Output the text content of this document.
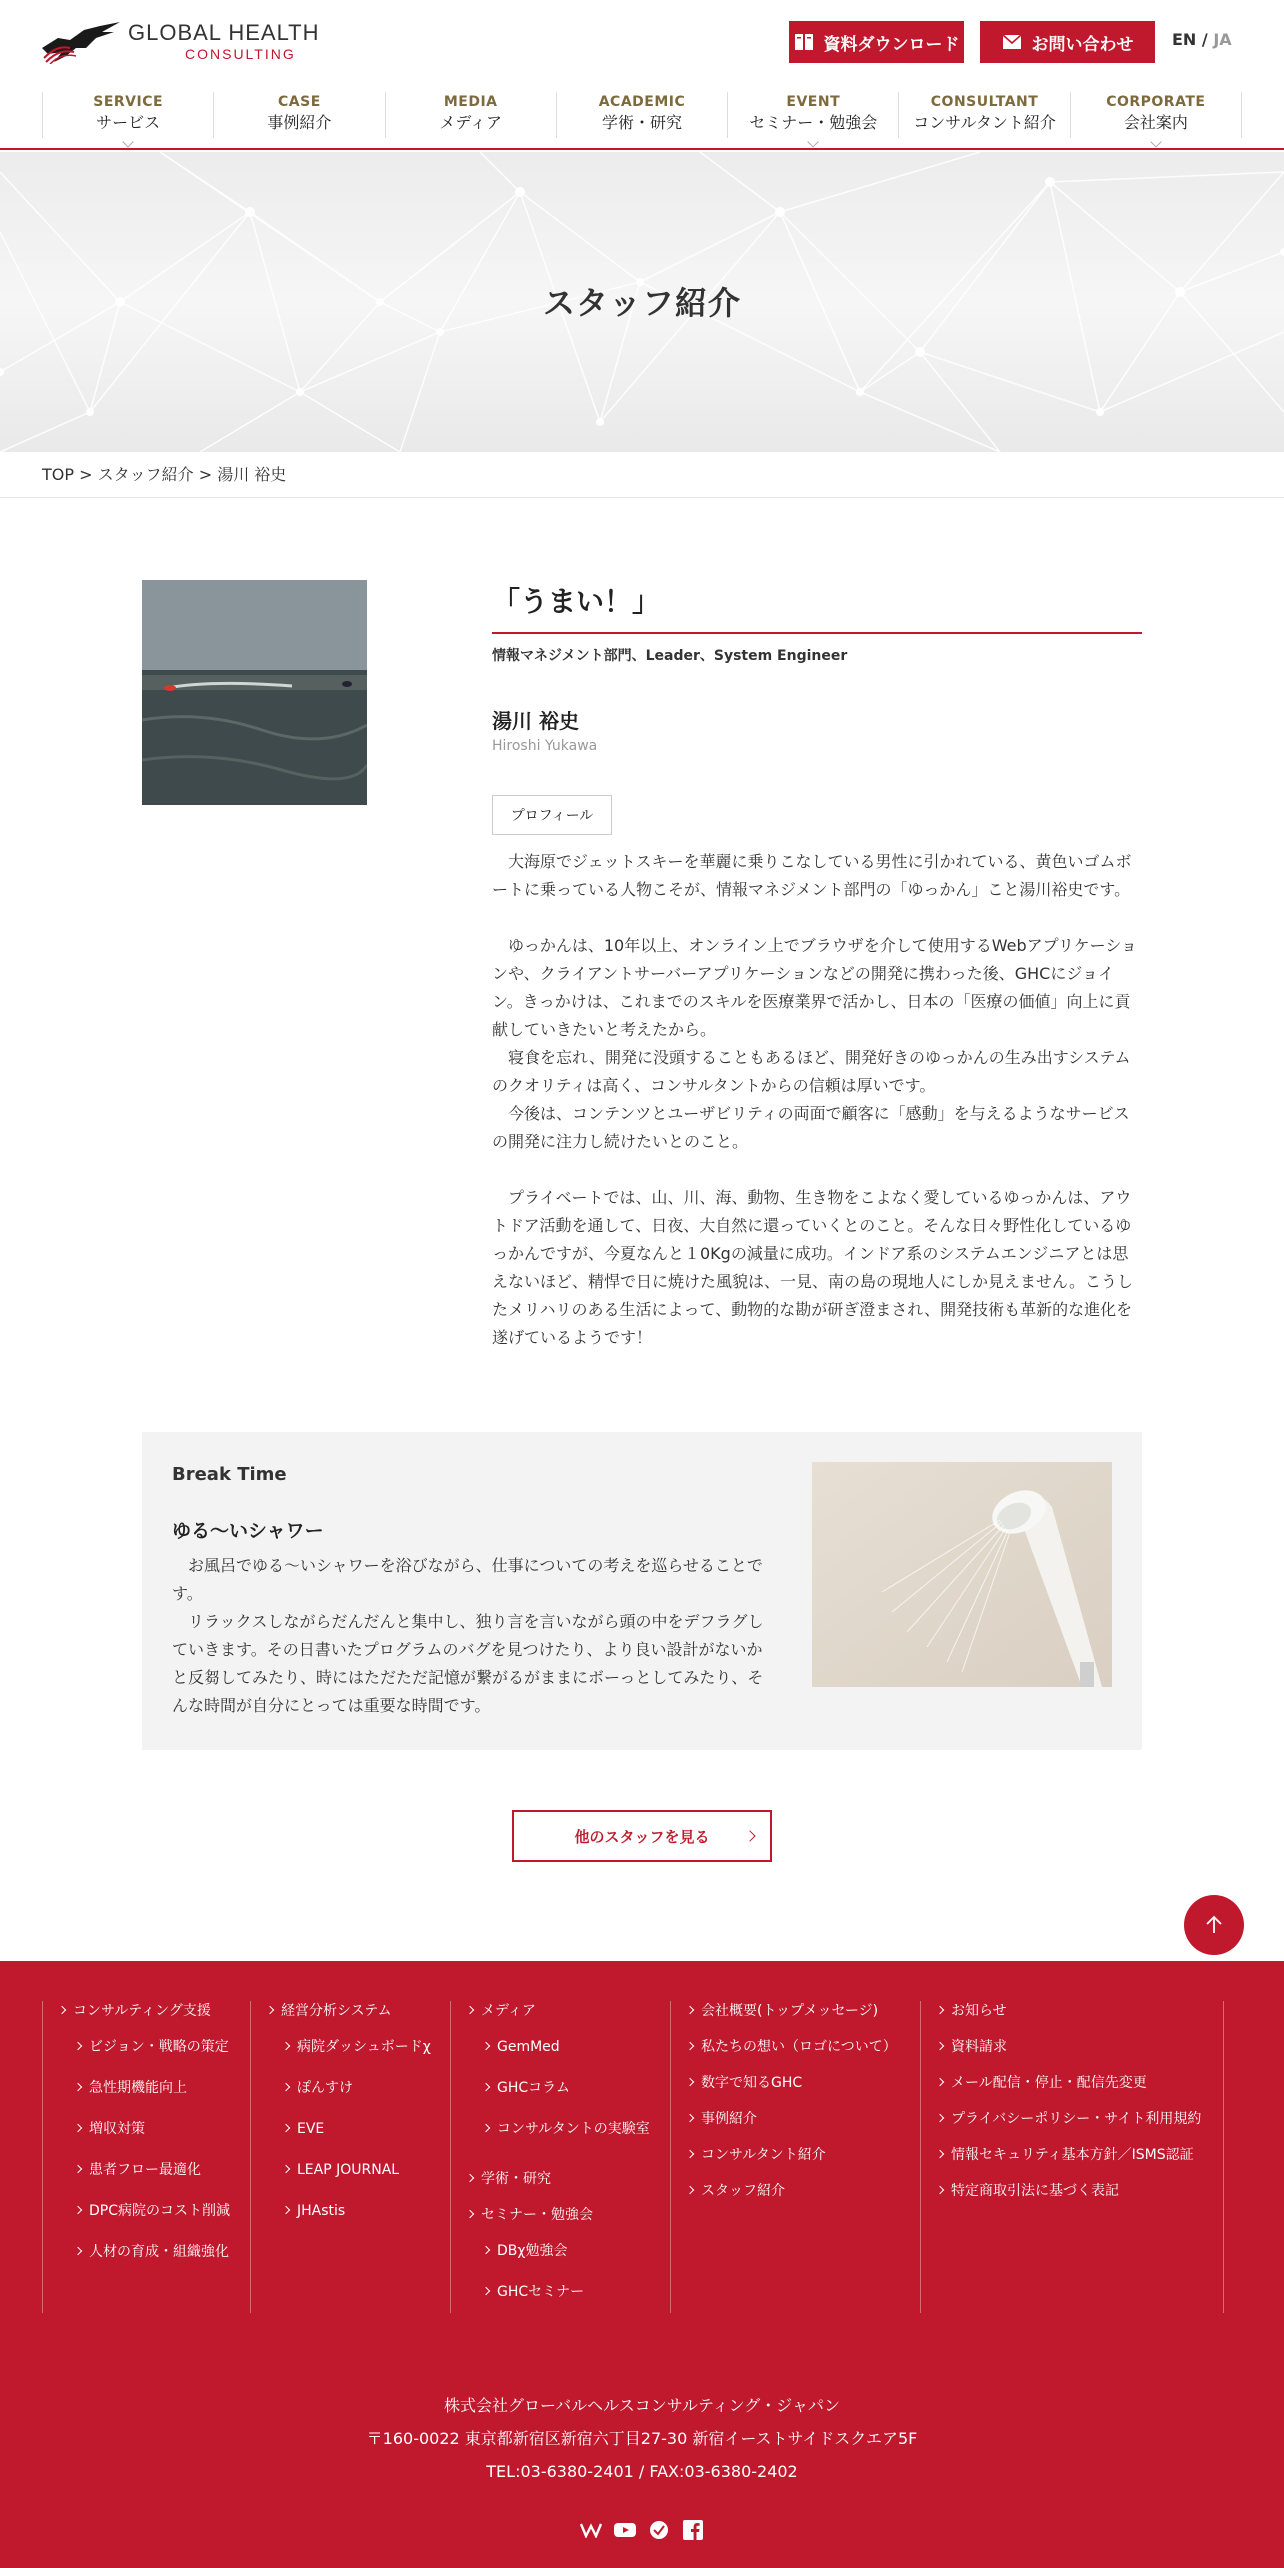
GLOBAL HEALTH
CONSULTING	資料ダウンロード	お問い合わせ EN / JA
SERVICE
サービス
CASE
事例紹介
MEDIA
メディア
ACADEMIC
学術・研究
EVENT
セミナー・勉強会
CONSULTANT
コンサルタント紹介
CORPORATE
会社案内
スタッフ紹介
TOP > スタッフ紹介 > 湯川 裕史
「うまい！」
情報マネジメント部門、Leader、System Engineer
湯川 裕史
Hiroshi Yukawa
プロフィール

大海原でジェットスキーを華麗に乗りこなしている男性に引かれている、黄色いゴムボートに乗っている人物こそが、情報マネジメント部門の「ゆっかん」こと湯川裕史です。

ゆっかんは、10年以上、オンライン上でブラウザを介して使用するWebアプリケーションや、クライアントサーバーアプリケーションなどの開発に携わった後、GHCにジョイン。きっかけは、これまでのスキルを医療業界で活かし、日本の「医療の価値」向上に貢献していきたいと考えたから。

寝食を忘れ、開発に没頭することもあるほど、開発好きのゆっかんの生み出すシステムのクオリティは高く、コンサルタントからの信頼は厚いです。

今後は、コンテンツとユーザビリティの両面で顧客に「感動」を与えるようなサービスの開発に注力し続けたいとのこと。

プライベートでは、山、川、海、動物、生き物をこよなく愛しているゆっかんは、アウトドア活動を通して、日夜、大自然に還っていくとのこと。そんな日々野性化しているゆっかんですが、今夏なんと１0Kgの減量に成功。インドア系のシステムエンジニアとは思えないほど、精悍で日に焼けた風貌は、一見、南の島の現地人にしか見えません。こうしたメリハリのある生活によって、動物的な勘が研ぎ澄まされ、開発技術も革新的な進化を遂げているようです！

Break Time
ゆる～いシャワー

お風呂でゆる～いシャワーを浴びながら、仕事についての考えを巡らせることです。

リラックスしながらだんだんと集中し、独り言を言いながら頭の中をデフラグしていきます。その日書いたプログラムのバグを見つけたり、より良い設計がないかと反芻してみたり、時にはただただ記憶が繋がるがままにボーっとしてみたり、そんな時間が自分にとっては重要な時間です。

他のスタッフを見る
コンサルティング支援
ビジョン・戦略の策定
急性期機能向上
増収対策
患者フロー最適化
DPC病院のコスト削減
人材の育成・組織強化
経営分析システム
病院ダッシュボードχ
ぽんすけ
EVE
LEAP JOURNAL
JHAstis
メディア
GemMed
GHCコラム
コンサルタントの実験室
学術・研究
セミナー・勉強会
DBχ勉強会
GHCセミナー
会社概要(トップメッセージ)
私たちの想い（ロゴについて）
数字で知るGHC
事例紹介
コンサルタント紹介
スタッフ紹介
お知らせ
資料請求
メール配信・停止・配信先変更
プライバシーポリシー・サイト利用規約
情報セキュリティ基本方針／ISMS認証
特定商取引法に基づく表記
株式会社グローバルヘルスコンサルティング・ジャパン
〒160-0022 東京都新宿区新宿六丁目27-30 新宿イーストサイドスクエア5F
TEL:03-6380-2401 / FAX:03-6380-2402
